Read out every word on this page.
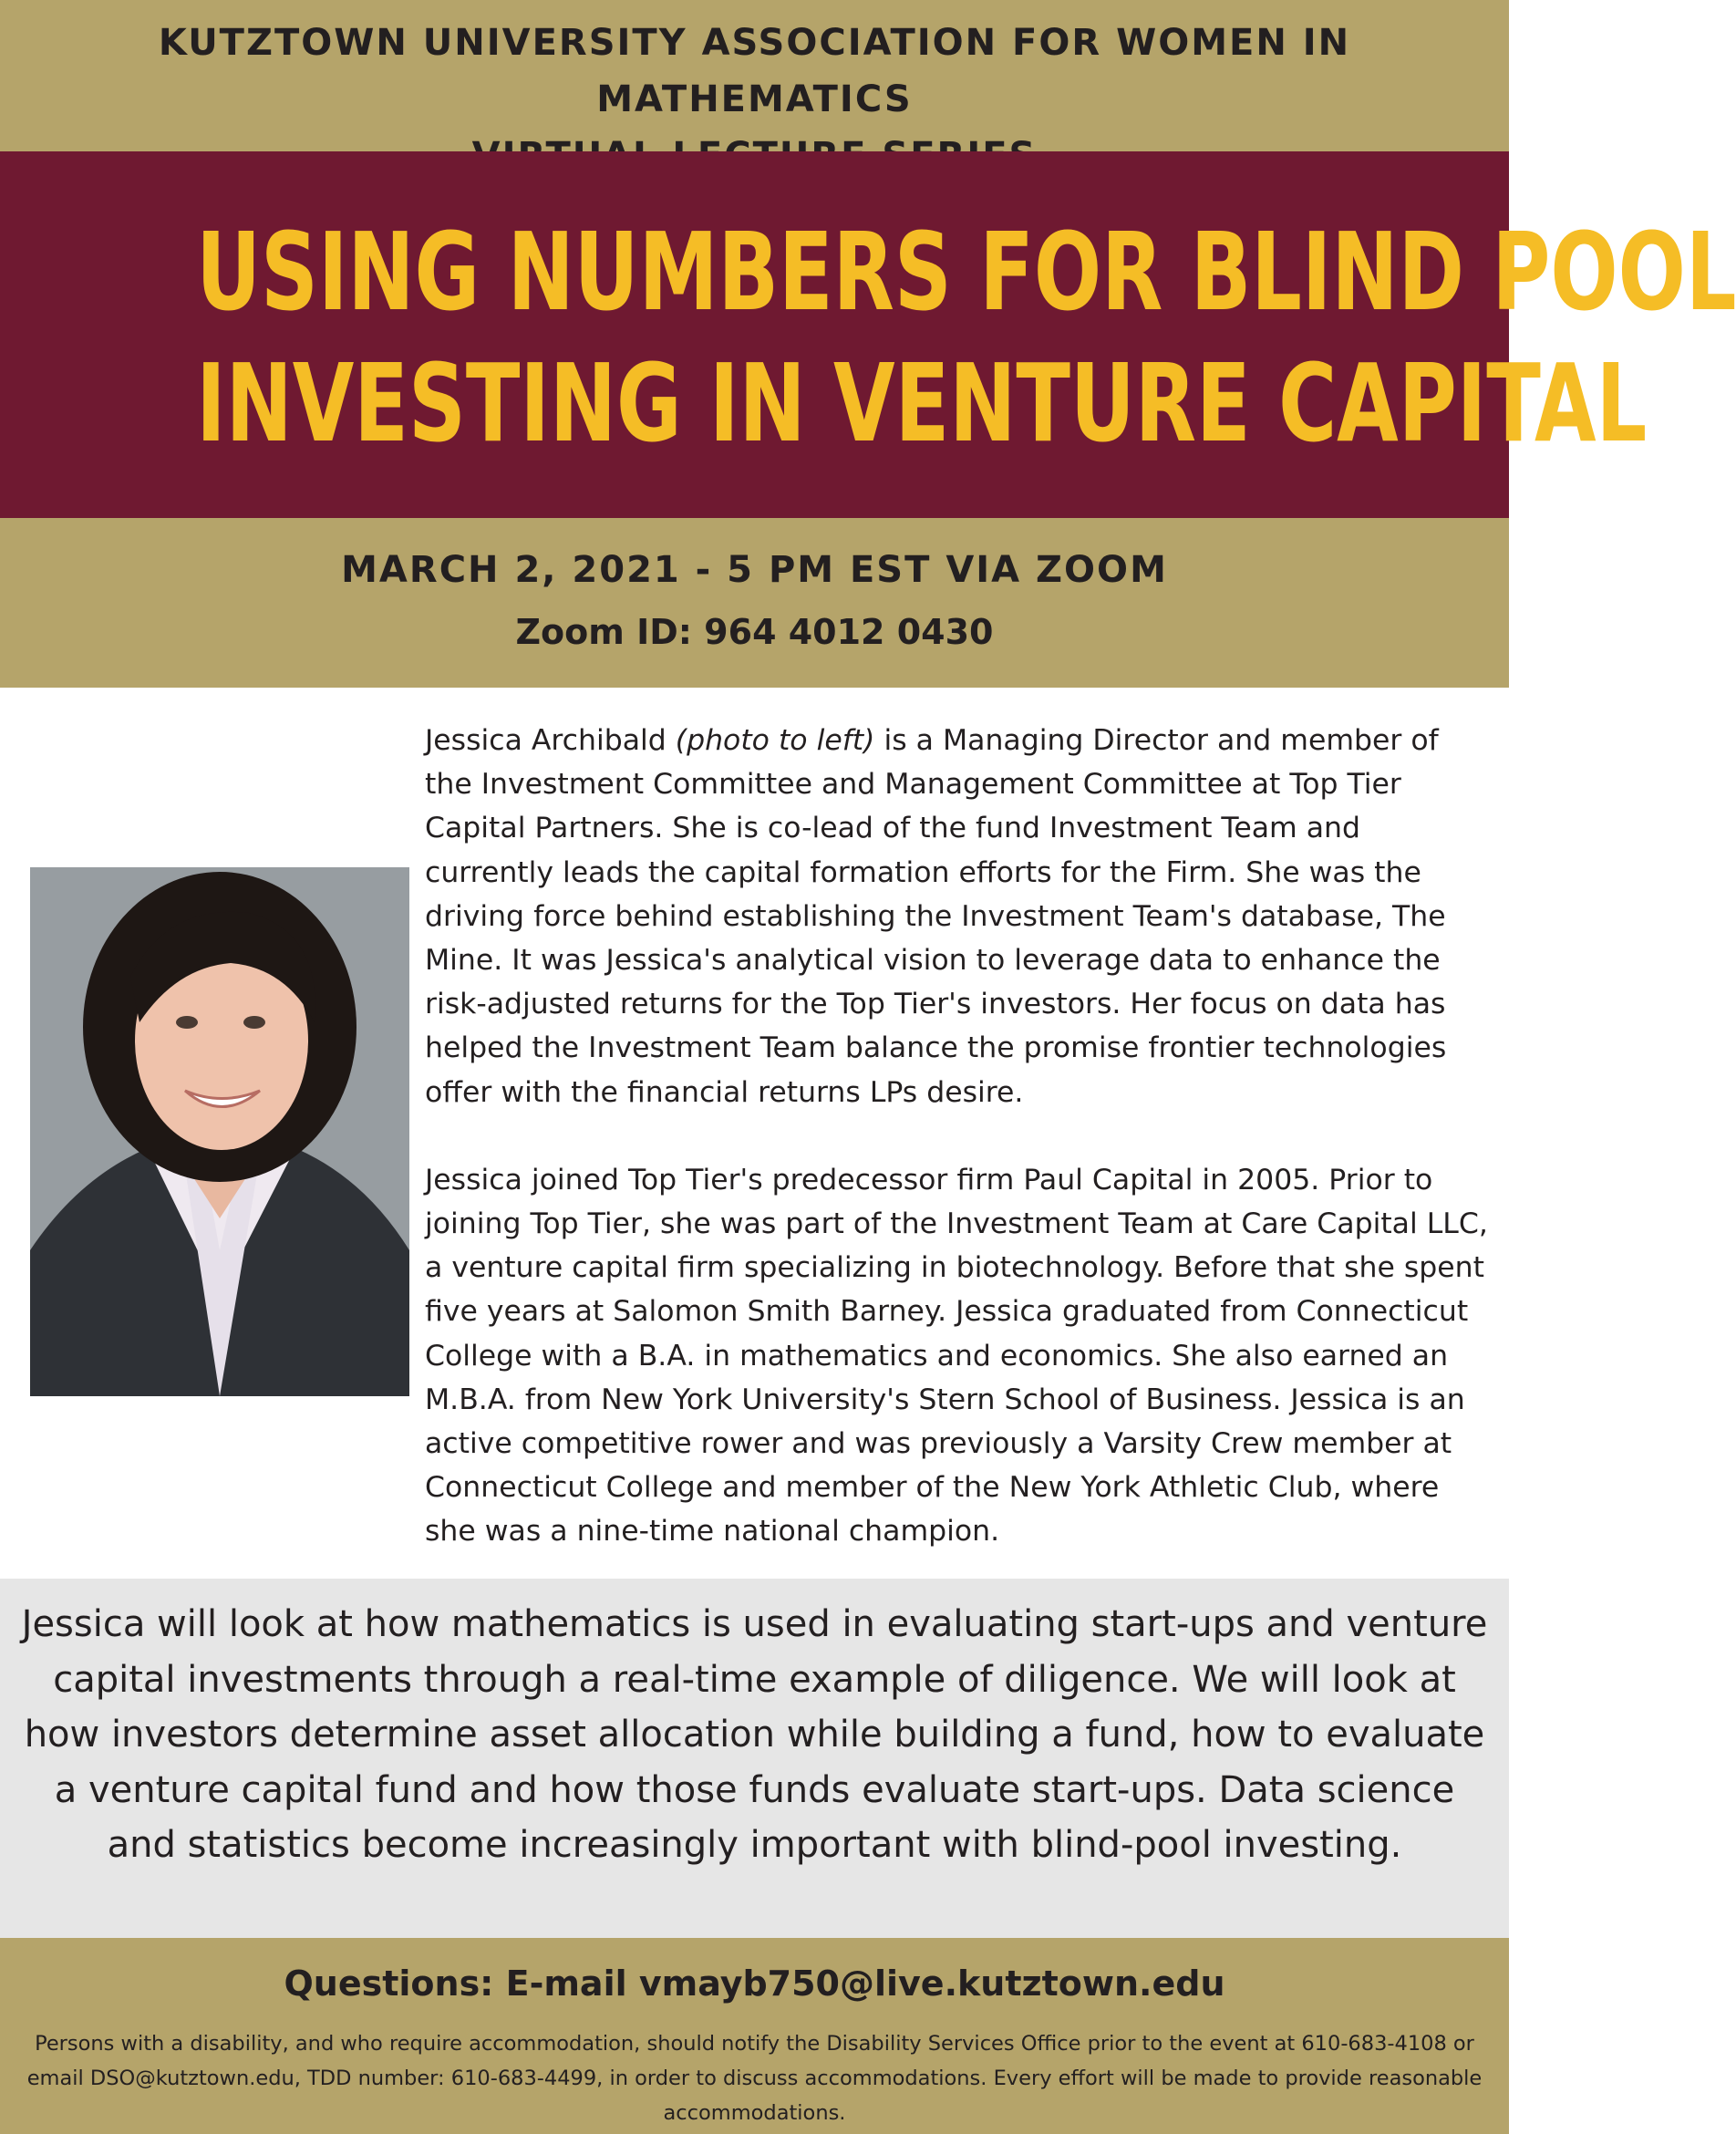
KUTZTOWN UNIVERSITY ASSOCIATION FOR WOMEN IN MATHEMATICS
USING NUMBERS FOR BLIND POOL
INVESTING IN VENTURE CAPITAL
MARCH 2, 2021 - 5 PM EST VIA ZOOM
Zoom ID: 964 4012 0430

Jessica Archibald (photo to left) is a Managing Director and member of the Investment Committee and Management Committee at Top Tier Capital Partners. She is co-lead of the fund Investment Team and currently leads the capital formation efforts for the Firm. She was the driving force behind establishing the Investment Team's database, The Mine. It was Jessica's analytical vision to leverage data to enhance the risk-adjusted returns for the Top Tier's investors. Her focus on data has helped the Investment Team balance the promise frontier technologies offer with the financial returns LPs desire.

Jessica joined Top Tier's predecessor firm Paul Capital in 2005. Prior to joining Top Tier, she was part of the Investment Team at Care Capital LLC, a venture capital firm specializing in biotechnology. Before that she spent five years at Salomon Smith Barney. Jessica graduated from Connecticut College with a B.A. in mathematics and economics. She also earned an M.B.A. from New York University's Stern School of Business. Jessica is an active competitive rower and was previously a Varsity Crew member at Connecticut College and member of the New York Athletic Club, where she was a nine-time national champion.

Jessica will look at how mathematics is used in evaluating start-ups and venture capital investments through a real-time example of diligence. We will look at how investors determine asset allocation while building a fund, how to evaluate a venture capital fund and how those funds evaluate start-ups. Data science and statistics become increasingly important with blind-pool investing.
Questions: E-mail vmayb750@live.kutztown.edu
Persons with a disability, and who require accommodation, should notify the Disability Services Office prior to the event at 610-683-4108 or email DSO@kutztown.edu, TDD number: 610-683-4499, in order to discuss accommodations. Every effort will be made to provide reasonable accommodations.
